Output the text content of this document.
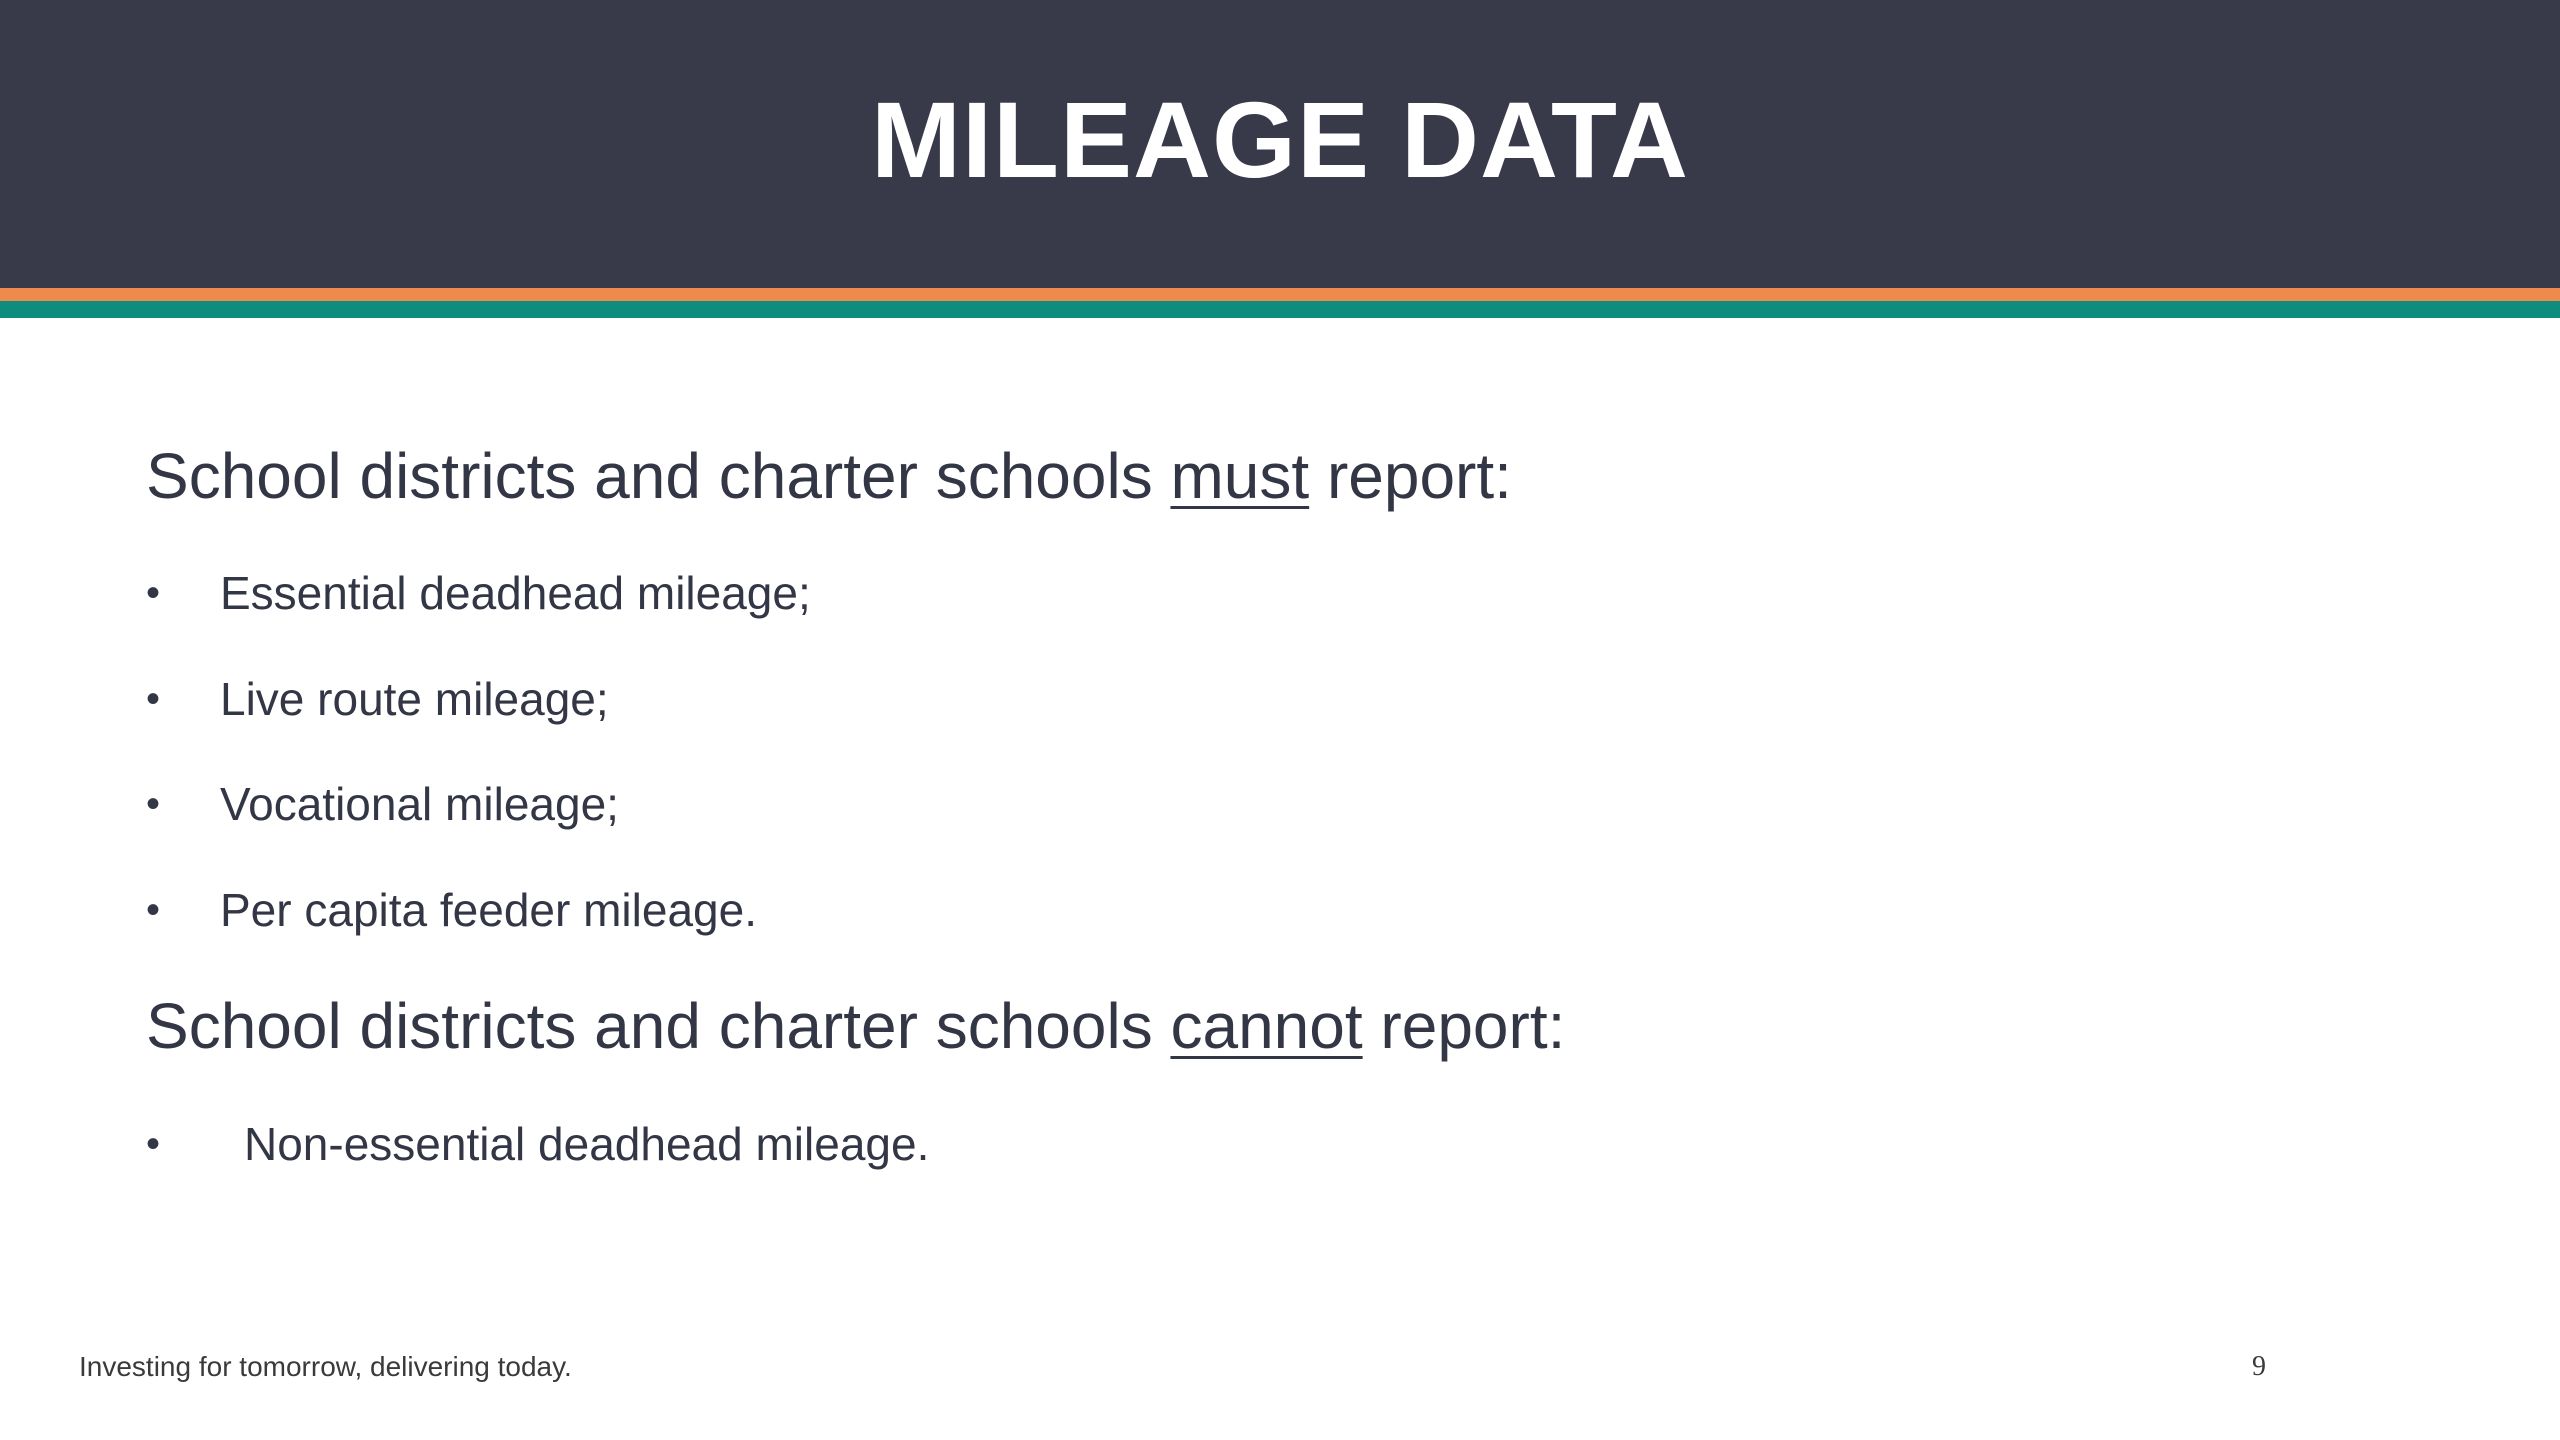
MILEAGE DATA
School districts and charter schools must report:
•	Essential deadhead mileage;
•	Live route mileage;
•	Vocational mileage;
•	Per capita feeder mileage.
School districts and charter schools cannot report:
•	Non-essential deadhead mileage.
Investing for tomorrow, delivering today.	9
